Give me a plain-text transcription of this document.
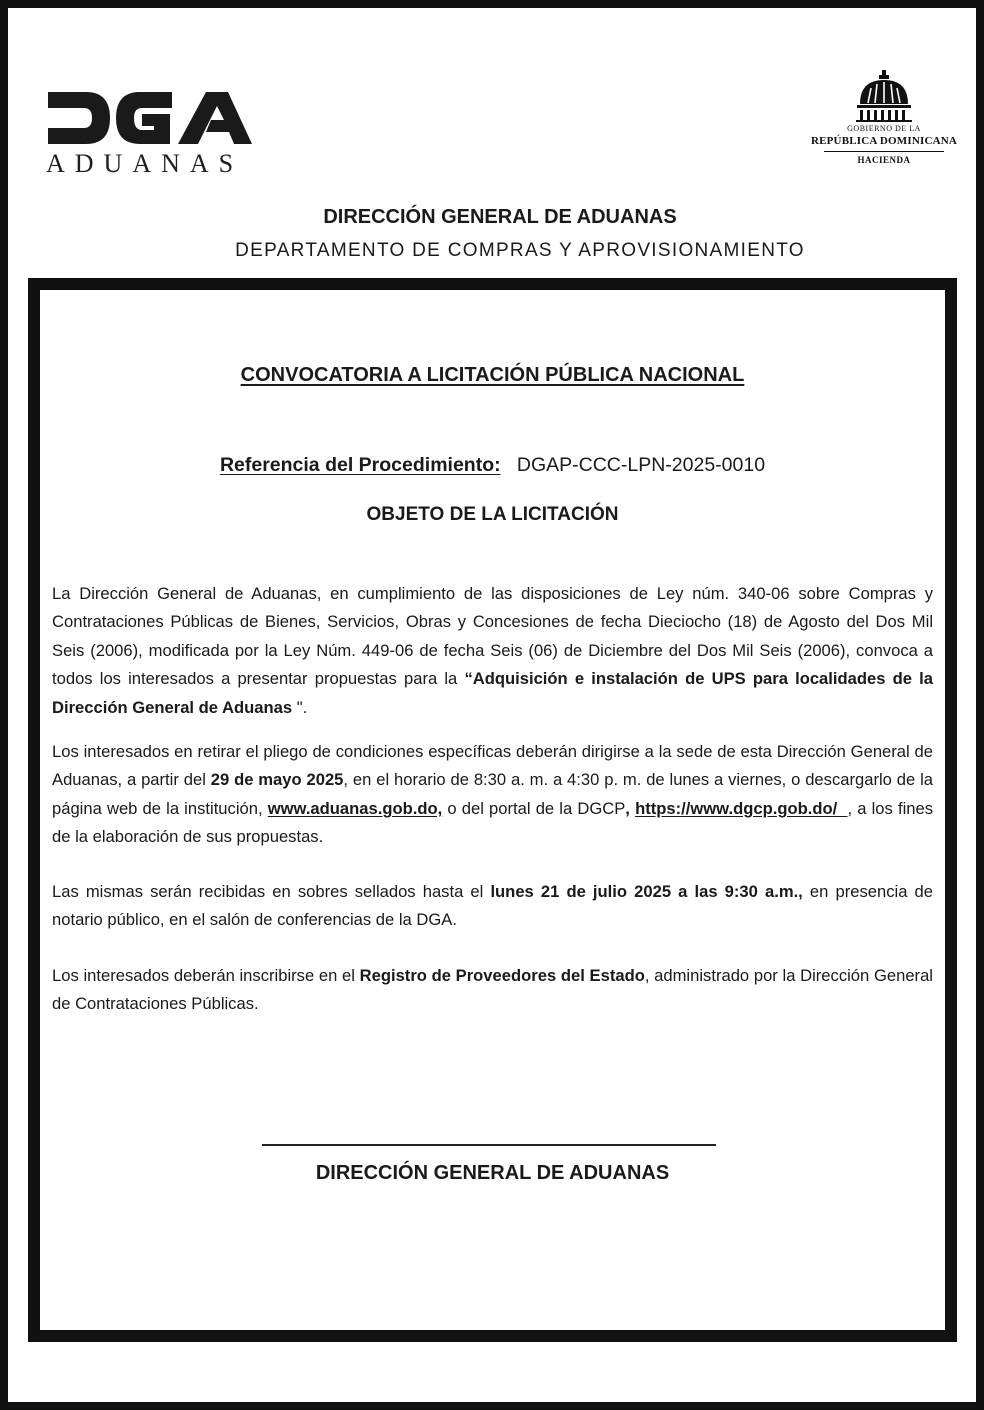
ADUANAS
GOBIERNO DE LA
REPÚBLICA DOMINICANA
HACIENDA
DIRECCIÓN GENERAL DE ADUANAS
DEPARTAMENTO DE COMPRAS Y APROVISIONAMIENTO
CONVOCATORIA A LICITACIÓN PÚBLICA NACIONAL
Referencia del Procedimiento: DGAP-CCC-LPN-2025-0010
OBJETO DE LA LICITACIÓN
La Dirección General de Aduanas, en cumplimiento de las disposiciones de Ley núm. 340-06 sobre Compras y Contrataciones Públicas de Bienes, Servicios, Obras y Concesiones de fecha Dieciocho (18) de Agosto del Dos Mil Seis (2006), modificada por la Ley Núm. 449-06 de fecha Seis (06) de Diciembre del Dos Mil Seis (2006), convoca a todos los interesados a presentar propuestas para la “Adquisición e instalación de UPS para localidades de la Dirección General de Aduanas ".
Los interesados en retirar el pliego de condiciones específicas deberán dirigirse a la sede de esta Dirección General de Aduanas, a partir del 29 de mayo 2025, en el horario de 8:30 a. m. a 4:30 p. m. de lunes a viernes, o descargarlo de la página web de la institución, www.aduanas.gob.do, o del portal de la DGCP, https://www.dgcp.gob.do/  , a los fines de la elaboración de sus propuestas.
Las mismas serán recibidas en sobres sellados hasta el lunes 21 de julio 2025 a las 9:30 a.m., en presencia de notario público, en el salón de conferencias de la DGA.
Los interesados deberán inscribirse en el Registro de Proveedores del Estado, administrado por la Dirección General de Contrataciones Públicas.
DIRECCIÓN GENERAL DE ADUANAS
